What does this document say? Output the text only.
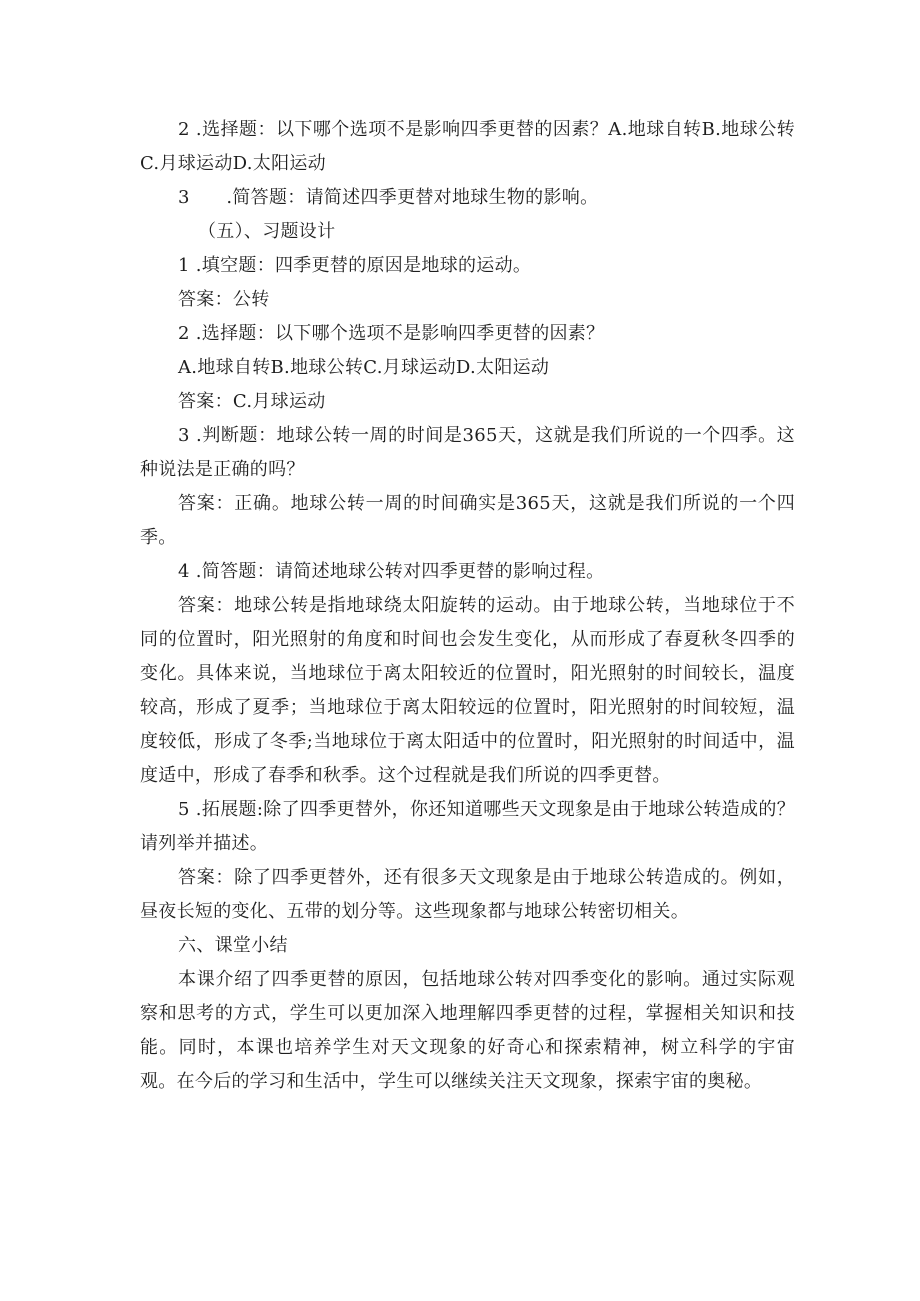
2 .选择题：以下哪个选项不是影响四季更替的因素？A.地球自转B.地球公转C.月球运动D.太阳运动

3　　.简答题：请简述四季更替对地球生物的影响。

（五）、习题设计

1 .填空题：四季更替的原因是地球的运动。

答案：公转

2 .选择题：以下哪个选项不是影响四季更替的因素？

A.地球自转B.地球公转C.月球运动D.太阳运动

答案：C.月球运动

3 .判断题：地球公转一周的时间是365天，这就是我们所说的一个四季。这种说法是正确的吗？

答案：正确。地球公转一周的时间确实是365天，这就是我们所说的一个四季。

4 .简答题：请简述地球公转对四季更替的影响过程。

答案：地球公转是指地球绕太阳旋转的运动。由于地球公转，当地球位于不同的位置时，阳光照射的角度和时间也会发生变化，从而形成了春夏秋冬四季的变化。具体来说，当地球位于离太阳较近的位置时，阳光照射的时间较长，温度较高，形成了夏季；当地球位于离太阳较远的位置时，阳光照射的时间较短，温度较低，形成了冬季;当地球位于离太阳适中的位置时，阳光照射的时间适中，温度适中，形成了春季和秋季。这个过程就是我们所说的四季更替。

5 .拓展题:除了四季更替外，你还知道哪些天文现象是由于地球公转造成的？请列举并描述。

答案：除了四季更替外，还有很多天文现象是由于地球公转造成的。例如，昼夜长短的变化、五带的划分等。这些现象都与地球公转密切相关。

六、课堂小结

本课介绍了四季更替的原因，包括地球公转对四季变化的影响。通过实际观察和思考的方式，学生可以更加深入地理解四季更替的过程，掌握相关知识和技能。同时，本课也培养学生对天文现象的好奇心和探索精神，树立科学的宇宙观。在今后的学习和生活中，学生可以继续关注天文现象，探索宇宙的奥秘。
